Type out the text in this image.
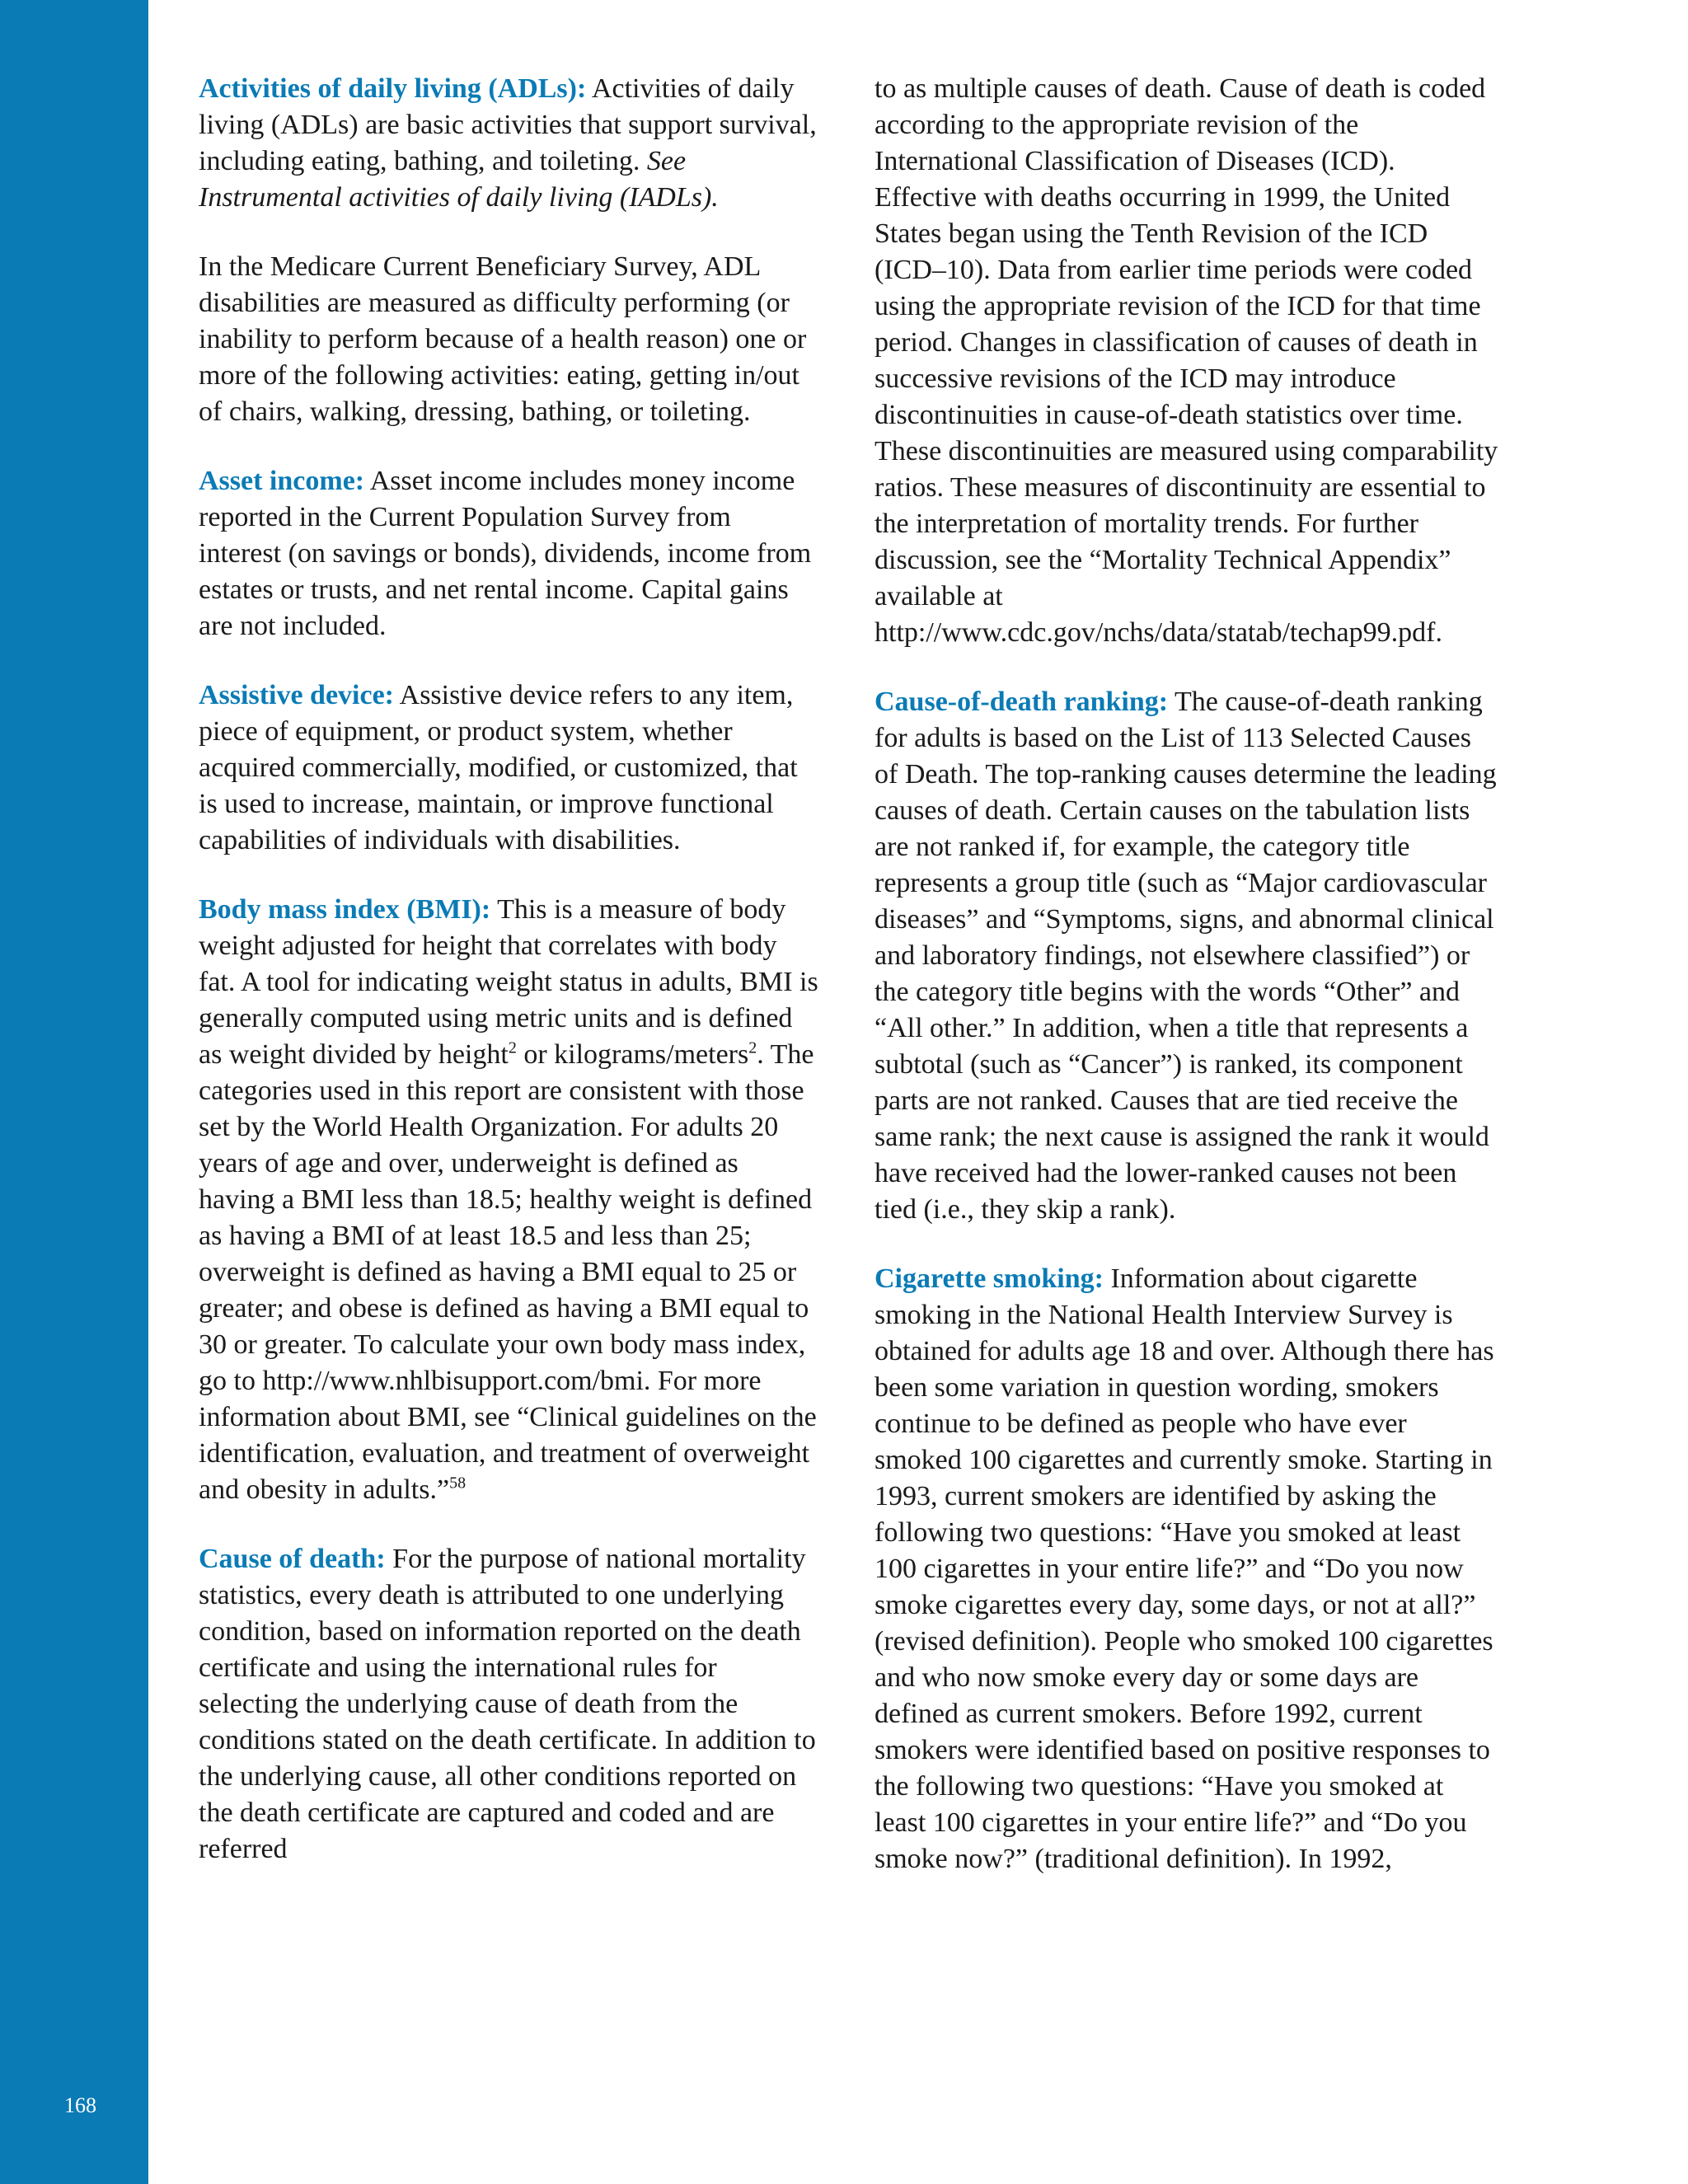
168

Activities of daily living (ADLs): Activities of daily living (ADLs) are basic activities that support survival, including eating, bathing, and toileting. See Instrumental activities of daily living (IADLs).

In the Medicare Current Beneficiary Survey, ADL disabilities are measured as difficulty performing (or inability to perform because of a health reason) one or more of the following activities: eating, getting in/out of chairs, walking, dressing, bathing, or toileting.

Asset income: Asset income includes money income reported in the Current Population Survey from interest (on savings or bonds), dividends, income from estates or trusts, and net rental income. Capital gains are not included.

Assistive device: Assistive device refers to any item, piece of equipment, or product system, whether acquired commercially, modified, or customized, that is used to increase, maintain, or improve functional capabilities of individuals with disabilities.

Body mass index (BMI): This is a measure of body weight adjusted for height that correlates with body fat. A tool for indicating weight status in adults, BMI is generally computed using metric units and is defined as weight divided by height$^2$ or kilograms/meters$^2$. The categories used in this report are consistent with those set by the World Health Organization. For adults 20 years of age and over, underweight is defined as having a BMI less than 18.5; healthy weight is defined as having a BMI of at least 18.5 and less than 25; overweight is defined as having a BMI equal to 25 or greater; and obese is defined as having a BMI equal to 30 or greater. To calculate your own body mass index, go to http://www.nhlbisupport.com/bmi. For more information about BMI, see “Clinical guidelines on the identification, evaluation, and treatment of overweight and obesity in adults.”$^{58}$

Cause of death: For the purpose of national mortality statistics, every death is attributed to one underlying condition, based on information reported on the death certificate and using the international rules for selecting the underlying cause of death from the conditions stated on the death certificate. In addition to the underlying cause, all other conditions reported on the death certificate are captured and coded and are referred

to as multiple causes of death. Cause of death is coded according to the appropriate revision of the International Classification of Diseases (ICD). Effective with deaths occurring in 1999, the United States began using the Tenth Revision of the ICD (ICD–10). Data from earlier time periods were coded using the appropriate revision of the ICD for that time period. Changes in classification of causes of death in successive revisions of the ICD may introduce discontinuities in cause-of-death statistics over time. These discontinuities are measured using comparability ratios. These measures of discontinuity are essential to the interpretation of mortality trends. For further discussion, see the “Mortality Technical Appendix” available at http://www.cdc.gov/nchs/data/statab/techap99.pdf.

Cause-of-death ranking: The cause-of-death ranking for adults is based on the List of 113 Selected Causes of Death. The top-ranking causes determine the leading causes of death. Certain causes on the tabulation lists are not ranked if, for example, the category title represents a group title (such as “Major cardiovascular diseases” and “Symptoms, signs, and abnormal clinical and laboratory findings, not elsewhere classified”) or the category title begins with the words “Other” and “All other.” In addition, when a title that represents a subtotal (such as “Cancer”) is ranked, its component parts are not ranked. Causes that are tied receive the same rank; the next cause is assigned the rank it would have received had the lower-ranked causes not been tied (i.e., they skip a rank).

Cigarette smoking: Information about cigarette smoking in the National Health Interview Survey is obtained for adults age 18 and over. Although there has been some variation in question wording, smokers continue to be defined as people who have ever smoked 100 cigarettes and currently smoke. Starting in 1993, current smokers are identified by asking the following two questions: “Have you smoked at least 100 cigarettes in your entire life?” and “Do you now smoke cigarettes every day, some days, or not at all?” (revised definition). People who smoked 100 cigarettes and who now smoke every day or some days are defined as current smokers. Before 1992, current smokers were identified based on positive responses to the following two questions: “Have you smoked at least 100 cigarettes in your entire life?” and “Do you smoke now?” (traditional definition). In 1992,
